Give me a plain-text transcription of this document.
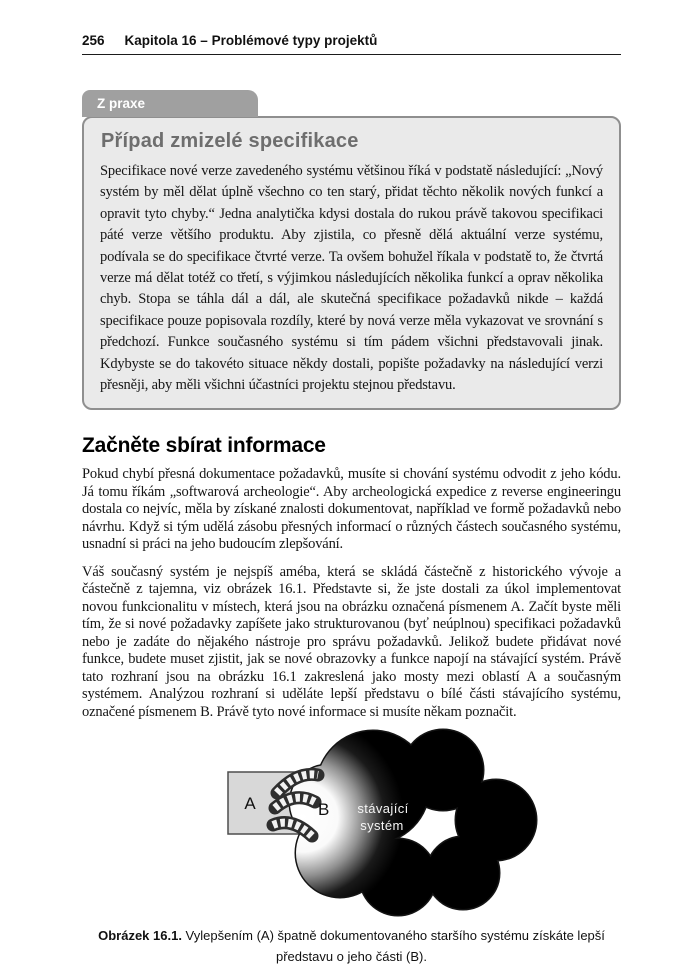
256 Kapitola 16 – Problémové typy projektů
Z praxe
Případ zmizelé specifikace

Specifikace nové verze zavedeného systému většinou říká v podstatě následující: „Nový systém by měl dělat úplně všechno co ten starý, přidat těchto několik nových funkcí a opravit tyto chyby.“ Jedna analytička kdysi dostala do rukou právě takovou specifikaci páté verze většího produktu. Aby zjistila, co přesně dělá aktuální verze systému, podívala se do specifikace čtvrté verze. Ta ovšem bohužel říkala v podstatě to, že čtvrtá verze má dělat totéž co třetí, s výjimkou následujících několika funkcí a oprav několika chyb. Stopa se táhla dál a dál, ale skutečná specifikace požadavků nikde – každá specifikace pouze popisovala rozdíly, které by nová verze měla vykazovat ve srovnání s předchozí. Funkce současného systému si tím pádem všichni představovali jinak. Kdybyste se do takovéto situace někdy dostali, popište požadavky na následující verzi přesněji, aby měli všichni účastníci projektu stejnou představu.

Začněte sbírat informace

Pokud chybí přesná dokumentace požadavků, musíte si chování systému odvodit z jeho kódu. Já tomu říkám „softwarová archeologie“. Aby archeologická expedice z reverse engineeringu dostala co nejvíc, měla by získané znalosti dokumentovat, například ve formě požadavků nebo návrhu. Když si tým udělá zásobu přesných informací o různých částech současného systému, usnadní si práci na jeho budoucím zlepšování.

Váš současný systém je nejspíš améba, která se skládá částečně z historického vývoje a částečně z tajemna, viz obrázek 16.1. Představte si, že jste dostali za úkol implementovat novou funkcionalitu v místech, která jsou na obrázku označená písmenem A. Začít byste měli tím, že si nové požadavky zapíšete jako strukturovanou (byť neúplnou) specifikaci požadavků nebo je zadáte do nějakého nástroje pro správu požadavků. Jelikož budete přidávat nové funkce, budete muset zjistit, jak se nové obrazovky a funkce napojí na stávající systém. Právě tato rozhraní jsou na obrázku 16.1 zakreslená jako mosty mezi oblastí A a současným systémem. Analýzou rozhraní si uděláte lepší představu o bílé části stávajícího systému, označené písmenem B. Právě tyto nové informace si musíte někam poznačit.

A	B stávající
systém
Obrázek 16.1. Vylepšením (A) špatně dokumentovaného staršího systému získáte lepší
představu o jeho části (B).
